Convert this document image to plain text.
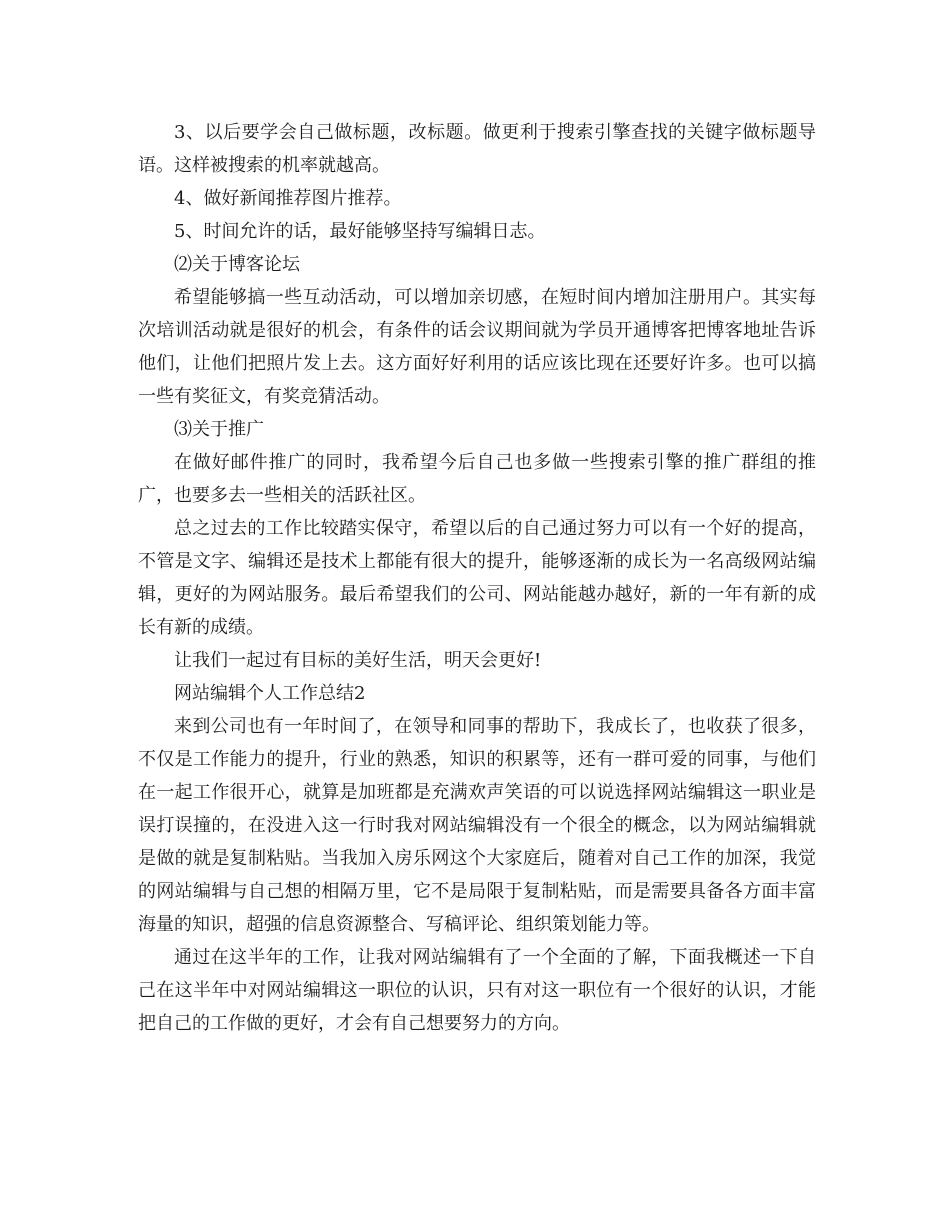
3、以后要学会自己做标题，改标题。做更利于搜索引擎查找的关键字做标题导语。这样被搜索的机率就越高。

4、做好新闻推荐图片推荐。

5、时间允许的话，最好能够坚持写编辑日志。

⑵关于博客论坛

希望能够搞一些互动活动，可以增加亲切感，在短时间内增加注册用户。其实每次培训活动就是很好的机会，有条件的话会议期间就为学员开通博客把博客地址告诉他们，让他们把照片发上去。这方面好好利用的话应该比现在还要好许多。也可以搞一些有奖征文，有奖竞猜活动。

⑶关于推广

在做好邮件推广的同时，我希望今后自己也多做一些搜索引擎的推广群组的推广，也要多去一些相关的活跃社区。

总之过去的工作比较踏实保守，希望以后的自己通过努力可以有一个好的提高，不管是文字、编辑还是技术上都能有很大的提升，能够逐渐的成长为一名高级网站编辑，更好的为网站服务。最后希望我们的公司、网站能越办越好，新的一年有新的成长有新的成绩。

让我们一起过有目标的美好生活，明天会更好!

网站编辑个人工作总结2

来到公司也有一年时间了，在领导和同事的帮助下，我成长了，也收获了很多，不仅是工作能力的提升，行业的熟悉，知识的积累等，还有一群可爱的同事，与他们在一起工作很开心，就算是加班都是充满欢声笑语的可以说选择网站编辑这一职业是误打误撞的，在没进入这一行时我对网站编辑没有一个很全的概念，以为网站编辑就是做的就是复制粘贴。当我加入房乐网这个大家庭后，随着对自己工作的加深，我觉的网站编辑与自己想的相隔万里，它不是局限于复制粘贴，而是需要具备各方面丰富海量的知识，超强的信息资源整合、写稿评论、组织策划能力等。

通过在这半年的工作，让我对网站编辑有了一个全面的了解，下面我概述一下自己在这半年中对网站编辑这一职位的认识，只有对这一职位有一个很好的认识，才能把自己的工作做的更好，才会有自己想要努力的方向。
